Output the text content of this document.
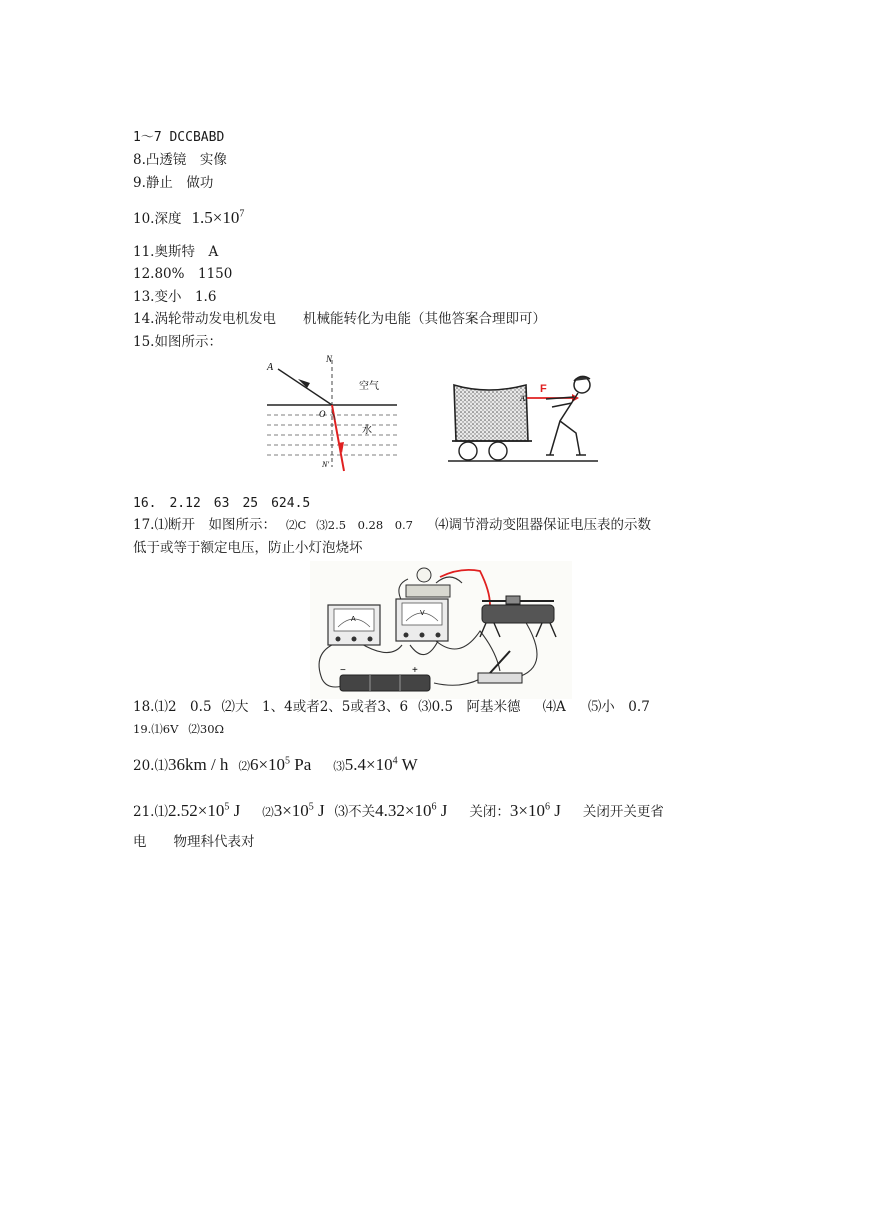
1～7 DCCBABD
8.凸透镜　实像
9.静止　做功
10.深度 $1.5\times 10^7$
11.奥斯特　A
12.80%　1150
13.变小　1.6
14.涡轮带动发电机发电　　机械能转化为电能（其他答案合理即可）
15.如图所示：
A
N
O
N'
空气
水
F
A
16.　2.12　63　25　624.5
17.⑴断开　如图所示： ⑵C ⑶2.5　0.28　0.7 ⑷调节滑动变阻器保证电压表的示数
低于或等于额定电压，防止小灯泡烧坏
A
V
−	+
18.⑴2　0.5 ⑵大　1、4或者2、5或者3、6 ⑶0.5　阿基米德 ⑷A ⑸小　0.7
19.⑴6V ⑵30Ω
20.⑴36km / h $⑵6\times 10^5$ Pa $⑶5.4\times 10^4$ W
$21.⑴2.52\times 10^5$ J $⑵3\times 10^5$ J ⑶不关$4.32\times 10^6$ J 关闭：$3\times 10^6$ J 关闭开关更省
电　　物理科代表对
